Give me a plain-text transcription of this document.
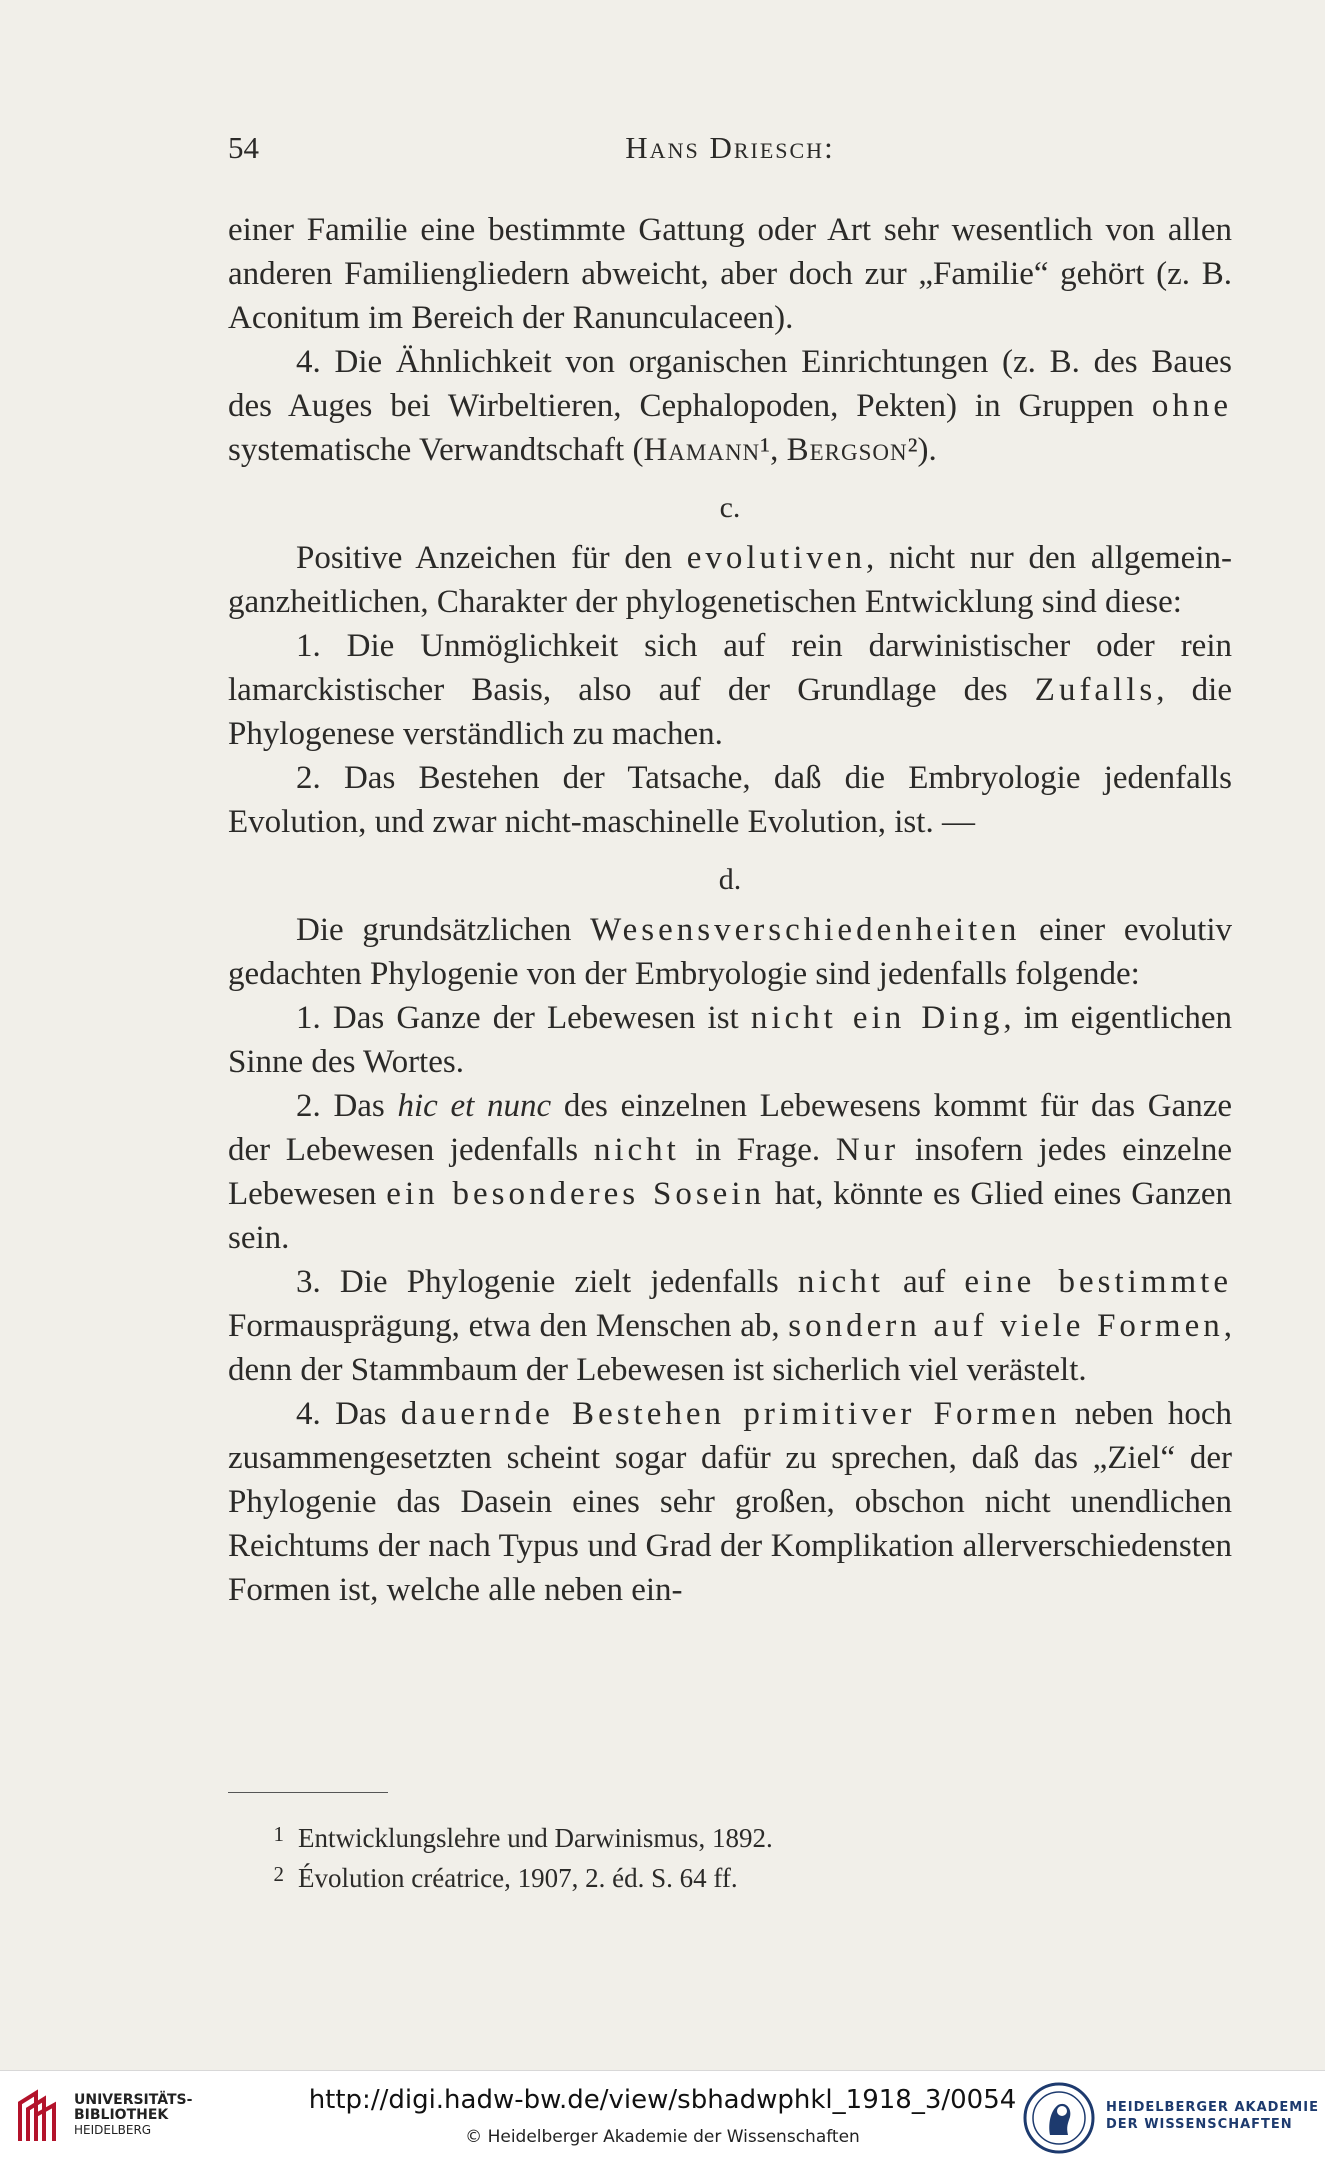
54	Hans Driesch:

einer Familie eine bestimmte Gattung oder Art sehr wesentlich von allen anderen Familiengliedern abweicht, aber doch zur „Familie“ gehört (z. B. Aconitum im Bereich der Ranunculaceen).

4. Die Ähnlichkeit von organischen Einrichtungen (z. B. des Baues des Auges bei Wirbeltieren, Cephalopoden, Pekten) in Gruppen ohne systematische Verwandtschaft (Hamann¹, Bergson²).

c.

Positive Anzeichen für den evolutiven, nicht nur den allgemein-ganzheitlichen, Charakter der phylogenetischen Entwicklung sind diese:

1. Die Unmöglichkeit sich auf rein darwinistischer oder rein lamarckistischer Basis, also auf der Grundlage des Zufalls, die Phylogenese verständlich zu machen.

2. Das Bestehen der Tatsache, daß die Embryologie jedenfalls Evolution, und zwar nicht-maschinelle Evolution, ist. —

d.

Die grundsätzlichen Wesensverschiedenheiten einer evolutiv gedachten Phylogenie von der Embryologie sind jedenfalls folgende:

1. Das Ganze der Lebewesen ist nicht ein Ding, im eigentlichen Sinne des Wortes.

2. Das hic et nunc des einzelnen Lebewesens kommt für das Ganze der Lebewesen jedenfalls nicht in Frage. Nur insofern jedes einzelne Lebewesen ein besonderes Sosein hat, könnte es Glied eines Ganzen sein.

3. Die Phylogenie zielt jedenfalls nicht auf eine bestimmte Formausprägung, etwa den Menschen ab, sondern auf viele Formen, denn der Stammbaum der Lebewesen ist sicherlich viel verästelt.

4. Das dauernde Bestehen primitiver Formen neben hoch zusammengesetzten scheint sogar dafür zu sprechen, daß das „Ziel“ der Phylogenie das Dasein eines sehr großen, obschon nicht unendlichen Reichtums der nach Typus und Grad der Komplikation allerverschiedensten Formen ist, welche alle neben ein-

1 Entwicklungslehre und Darwinismus, 1892.
2 Évolution créatrice, 1907, 2. éd. S. 64 ff.
UNIVERSITÄTS-
BIBLIOTHEK
HEIDELBERG
http://digi.hadw-bw.de/view/sbhadwphkl_1918_3/0054
© Heidelberger Akademie der Wissenschaften
HEIDELBERGER AKADEMIE
DER WISSENSCHAFTEN
